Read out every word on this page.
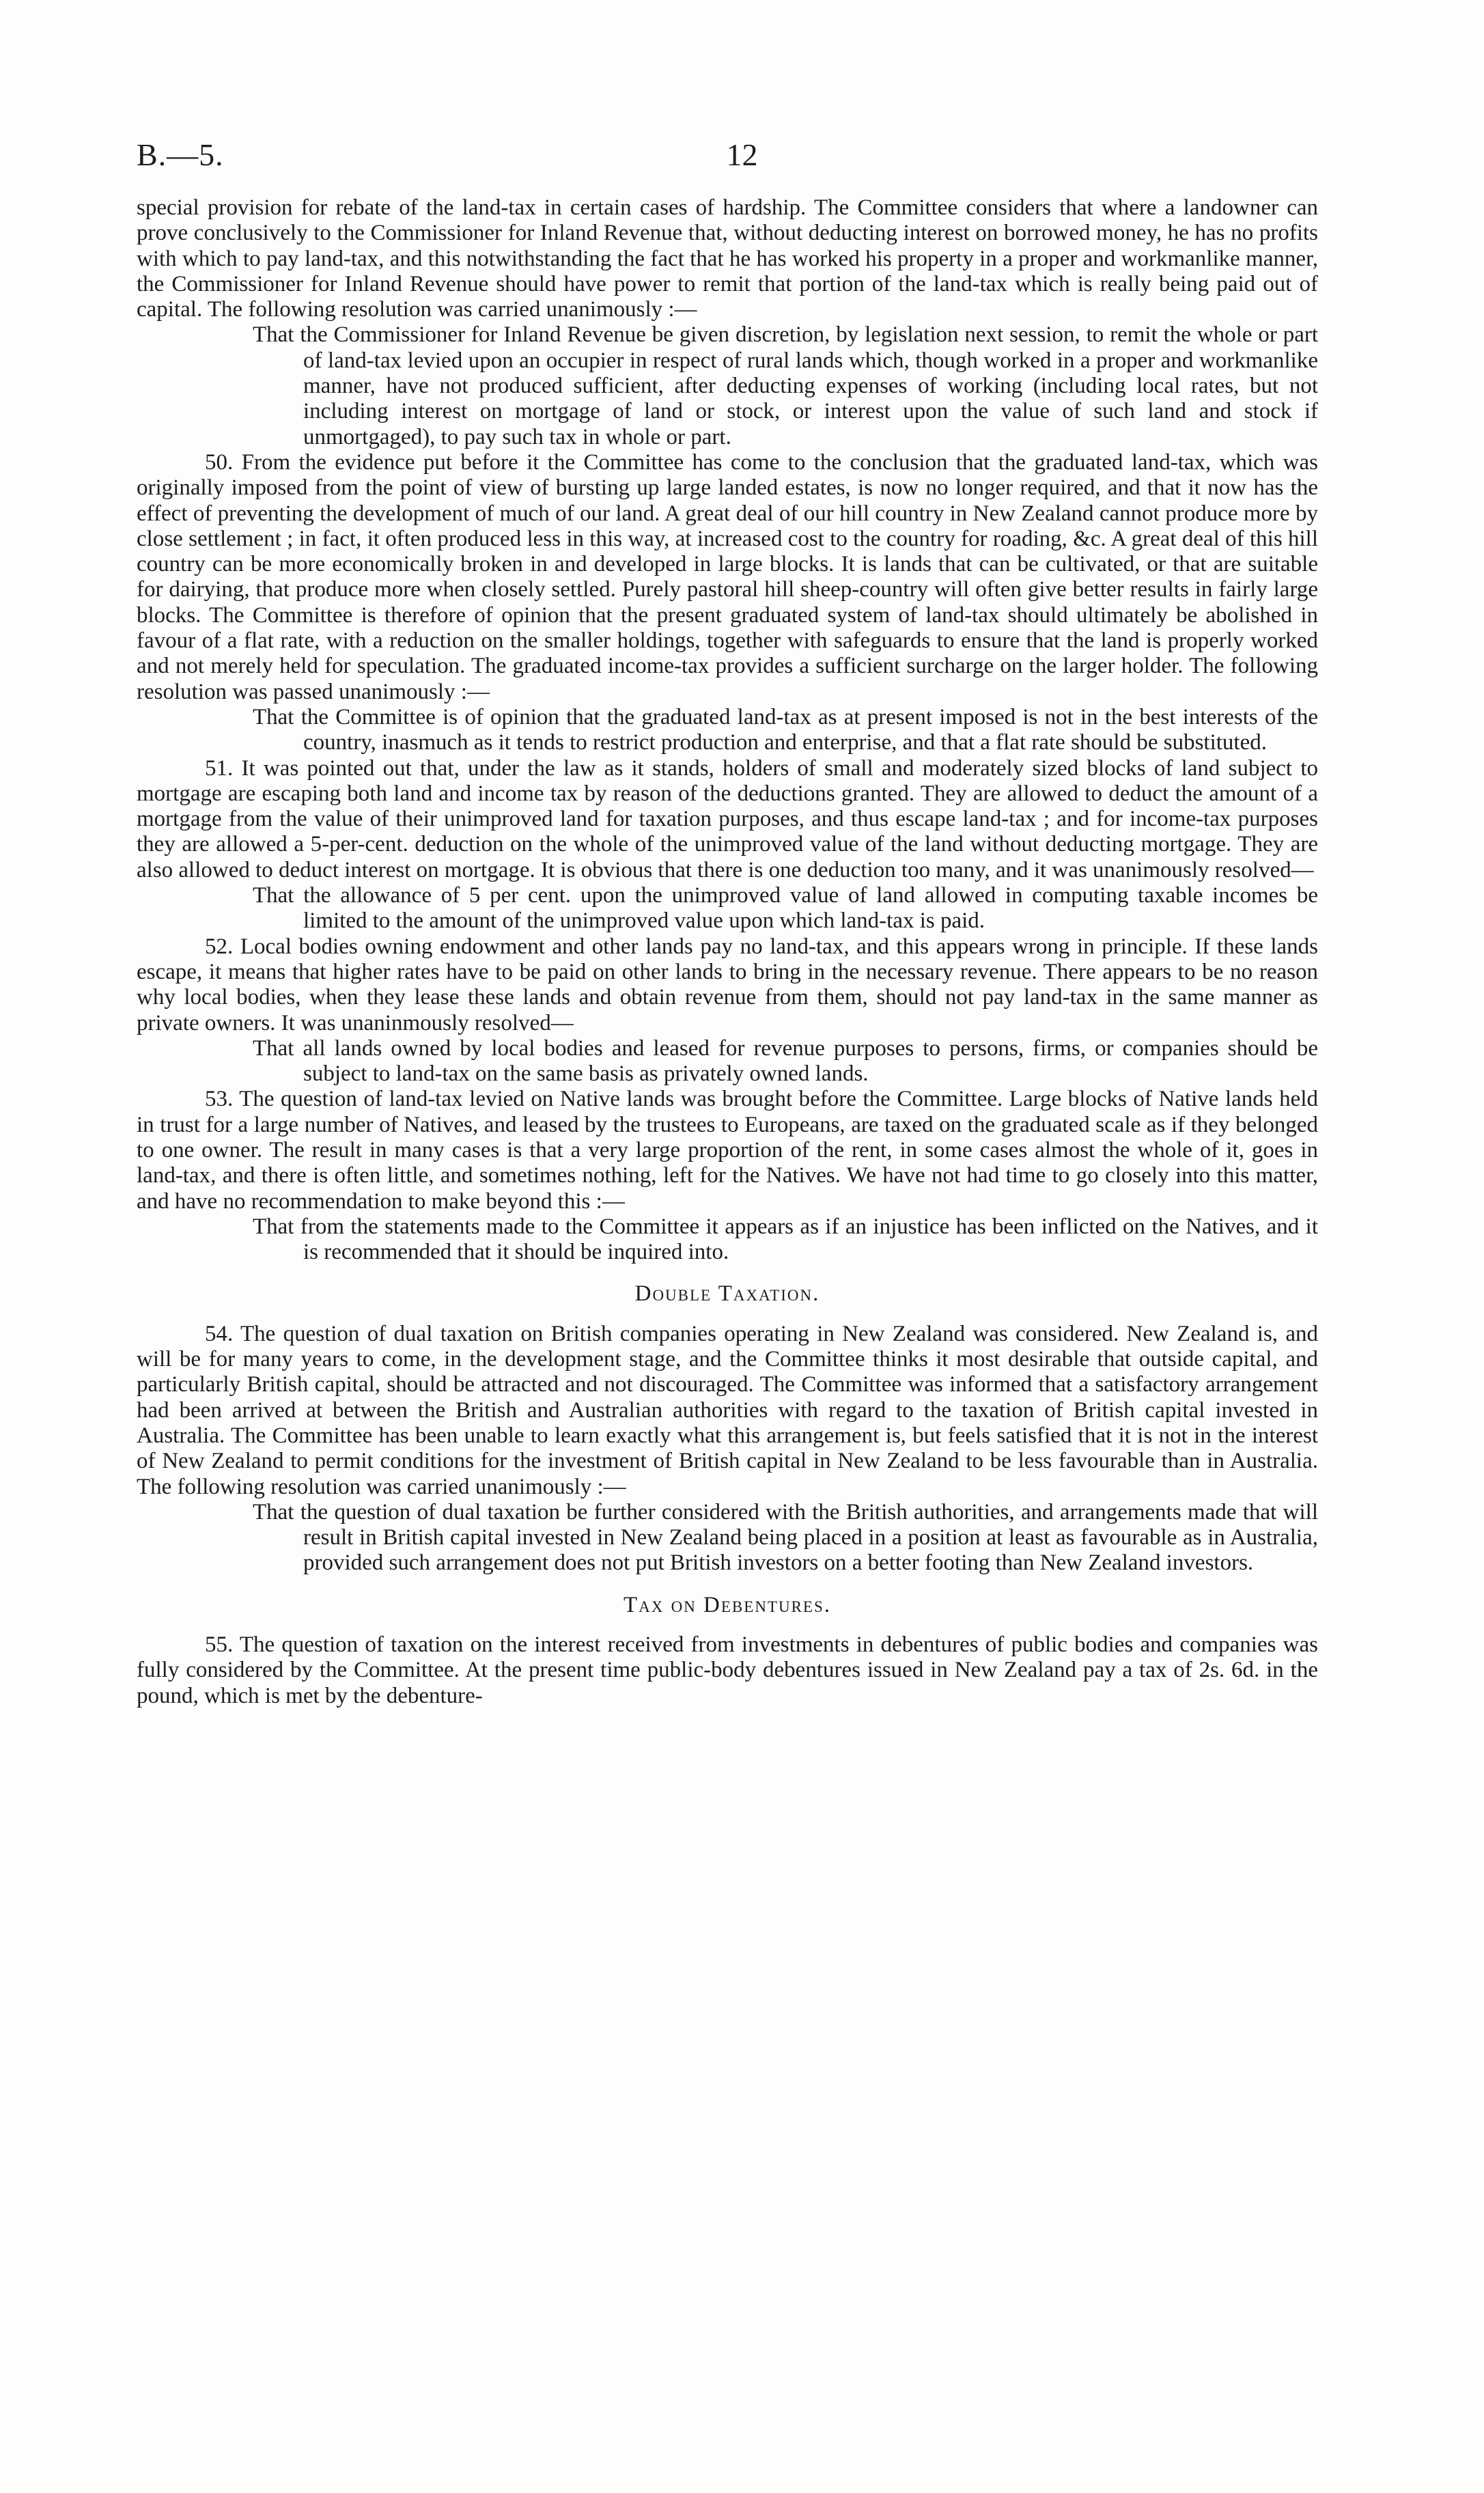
B.—5.	12

special provision for rebate of the land-tax in certain cases of hardship. The Committee considers that where a landowner can prove conclusively to the Commissioner for Inland Revenue that, without deducting interest on borrowed money, he has no profits with which to pay land-tax, and this notwithstanding the fact that he has worked his property in a proper and workmanlike manner, the Commissioner for Inland Revenue should have power to remit that portion of the land-tax which is really being paid out of capital. The following resolution was carried unanimously :—

That the Commissioner for Inland Revenue be given discretion, by legislation next session, to remit the whole or part of land-tax levied upon an occupier in respect of rural lands which, though worked in a proper and workmanlike manner, have not produced sufficient, after deducting expenses of working (including local rates, but not including interest on mortgage of land or stock, or interest upon the value of such land and stock if unmortgaged), to pay such tax in whole or part.

50. From the evidence put before it the Committee has come to the conclusion that the graduated land-tax, which was originally imposed from the point of view of bursting up large landed estates, is now no longer required, and that it now has the effect of preventing the development of much of our land. A great deal of our hill country in New Zealand cannot produce more by close settlement ; in fact, it often produced less in this way, at increased cost to the country for roading, &c. A great deal of this hill country can be more economically broken in and developed in large blocks. It is lands that can be cultivated, or that are suitable for dairying, that produce more when closely settled. Purely pastoral hill sheep-country will often give better results in fairly large blocks. The Committee is therefore of opinion that the present graduated system of land-tax should ultimately be abolished in favour of a flat rate, with a reduction on the smaller holdings, together with safeguards to ensure that the land is properly worked and not merely held for speculation. The graduated income-tax provides a sufficient surcharge on the larger holder. The following resolution was passed unanimously :—

That the Committee is of opinion that the graduated land-tax as at present imposed is not in the best interests of the country, inasmuch as it tends to restrict production and enterprise, and that a flat rate should be substituted.

51. It was pointed out that, under the law as it stands, holders of small and moderately sized blocks of land subject to mortgage are escaping both land and income tax by reason of the deductions granted. They are allowed to deduct the amount of a mortgage from the value of their unimproved land for taxation purposes, and thus escape land-tax ; and for income-tax purposes they are allowed a 5-per-cent. deduction on the whole of the unimproved value of the land without deducting mortgage. They are also allowed to deduct interest on mortgage. It is obvious that there is one deduction too many, and it was unanimously resolved—

That the allowance of 5 per cent. upon the unimproved value of land allowed in computing taxable incomes be limited to the amount of the unimproved value upon which land-tax is paid.

52. Local bodies owning endowment and other lands pay no land-tax, and this appears wrong in principle. If these lands escape, it means that higher rates have to be paid on other lands to bring in the necessary revenue. There appears to be no reason why local bodies, when they lease these lands and obtain revenue from them, should not pay land-tax in the same manner as private owners. It was unaninmously resolved—

That all lands owned by local bodies and leased for revenue purposes to persons, firms, or companies should be subject to land-tax on the same basis as privately owned lands.

53. The question of land-tax levied on Native lands was brought before the Committee. Large blocks of Native lands held in trust for a large number of Natives, and leased by the trustees to Europeans, are taxed on the graduated scale as if they belonged to one owner. The result in many cases is that a very large proportion of the rent, in some cases almost the whole of it, goes in land-tax, and there is often little, and sometimes nothing, left for the Natives. We have not had time to go closely into this matter, and have no recommendation to make beyond this :—

That from the statements made to the Committee it appears as if an injustice has been inflicted on the Natives, and it is recommended that it should be inquired into.

Double Taxation.

54. The question of dual taxation on British companies operating in New Zealand was considered. New Zealand is, and will be for many years to come, in the development stage, and the Committee thinks it most desirable that outside capital, and particularly British capital, should be attracted and not discouraged. The Committee was informed that a satisfactory arrangement had been arrived at between the British and Australian authorities with regard to the taxation of British capital invested in Australia. The Committee has been unable to learn exactly what this arrangement is, but feels satisfied that it is not in the interest of New Zealand to permit conditions for the investment of British capital in New Zealand to be less favourable than in Australia. The following resolution was carried unanimously :—

That the question of dual taxation be further considered with the British authorities, and arrangements made that will result in British capital invested in New Zealand being placed in a position at least as favourable as in Australia, provided such arrangement does not put British investors on a better footing than New Zealand investors.

Tax on Debentures.

55. The question of taxation on the interest received from investments in debentures of public bodies and companies was fully considered by the Committee. At the present time public-body debentures issued in New Zealand pay a tax of 2s. 6d. in the pound, which is met by the debenture-
